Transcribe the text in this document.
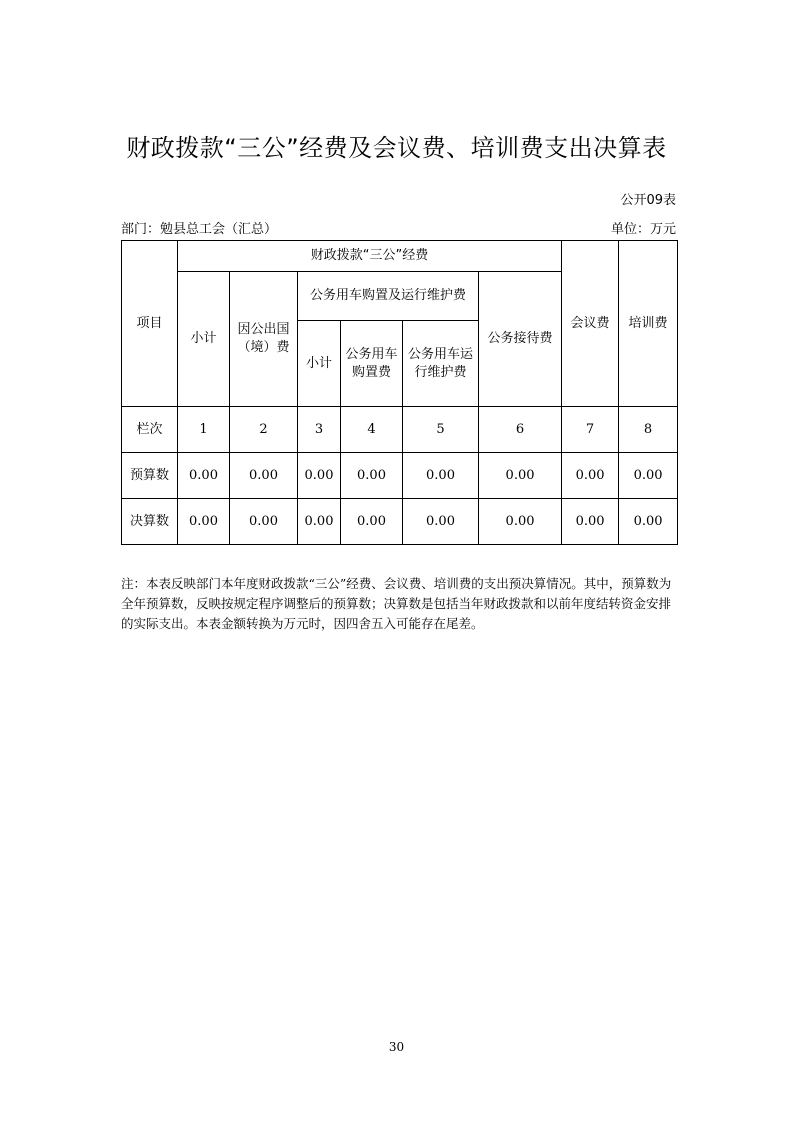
财政拨款“三公”经费及会议费、培训费支出决算表
公开09表
部门：勉县总工会（汇总）	单位：万元
项目	财政拨款“三公”经费						会议费	培训费
	小计	因公出国（境）费	公务用车购置及运行维护费			公务接待费		
			小计	公务用车购置费	公务用车运行维护费			
栏次	1	2	3	4	5	6	7	8
预算数	0.00	0.00	0.00	0.00	0.00	0.00	0.00	0.00
决算数	0.00	0.00	0.00	0.00	0.00	0.00	0.00	0.00
注：本表反映部门本年度财政拨款“三公”经费、会议费、培训费的支出预决算情况。其中，预算数为全年预算数，反映按规定程序调整后的预算数；决算数是包括当年财政拨款和以前年度结转资金安排的实际支出。本表金额转换为万元时，因四舍五入可能存在尾差。
30
